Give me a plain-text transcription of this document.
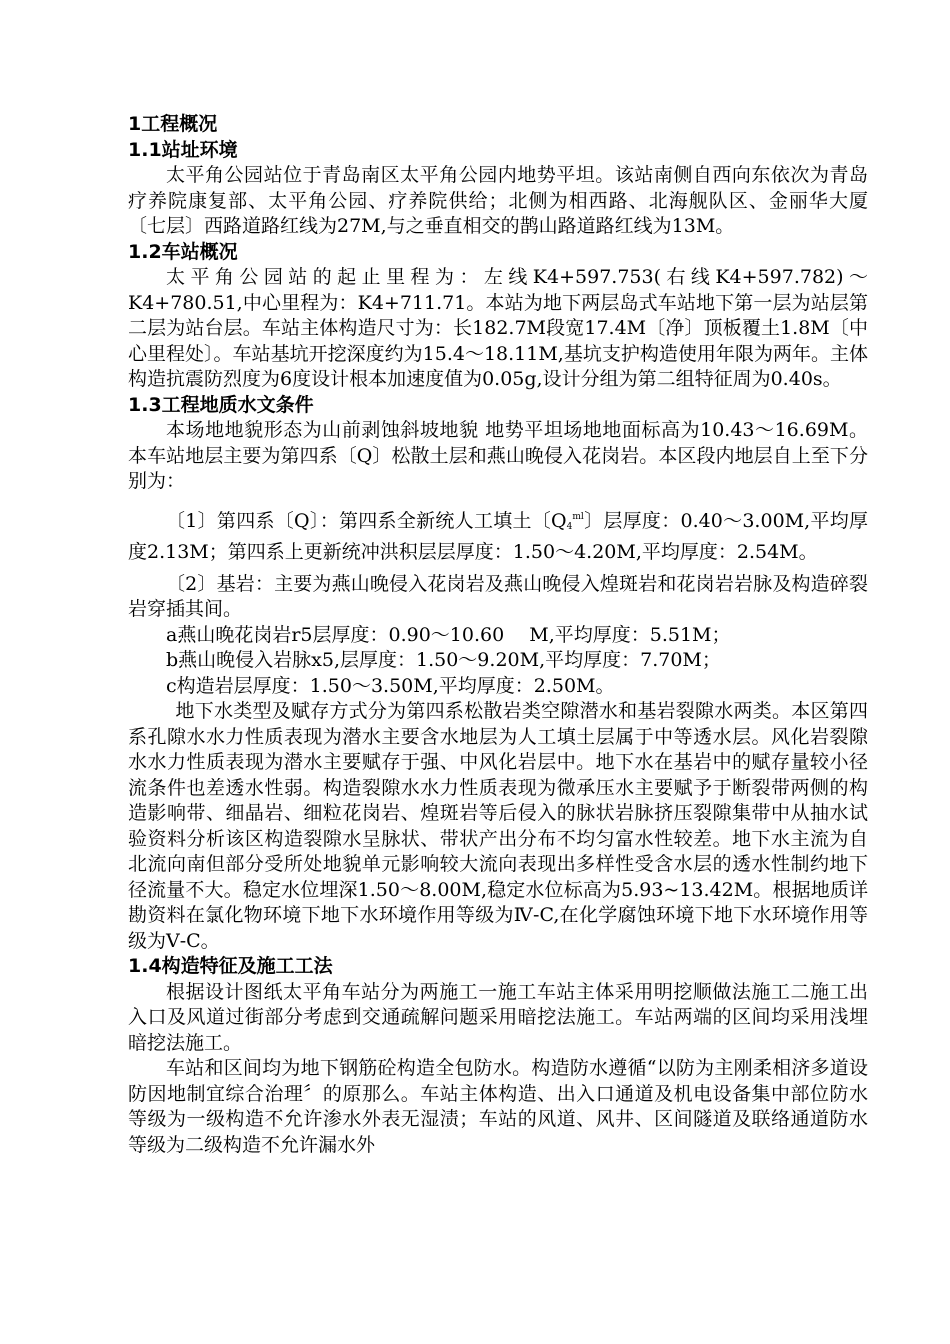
1工程概况
1.1站址环境

太平角公园站位于青岛南区太平角公园内地势平坦。该站南侧自西向东依次为青岛疗养院康复部、太平角公园、疗养院供给；北侧为相西路、北海舰队区、金丽华大厦〔七层〕西路道路红线为27M,与之垂直相交的鹊山路道路红线为13M。

1.2车站概况

太平角公园站的起止里程为：左线K4+597.753(右线K4+597.782)～K4+780.51,中心里程为：K4+711.71。本站为地下两层岛式车站地下第一层为站层第二层为站台层。车站主体构造尺寸为：长182.7M段宽17.4M〔净〕顶板覆土1.8M〔中心里程处〕。车站基坑开挖深度约为15.4～18.11M,基坑支护构造使用年限为两年。主体构造抗震防烈度为6度设计根本加速度值为0.05g,设计分组为第二组特征周为0.40s。

1.3工程地质水文条件

本场地地貌形态为山前剥蚀斜坡地貌 地势平坦场地地面标高为10.43～16.69M。本车站地层主要为第四系〔Q〕松散土层和燕山晚侵入花岗岩。本区段内地层自上至下分别为：

〔1〕第四系〔Q〕：第四系全新统人工填土〔$Q4^{ml}$〕层厚度：0.40～3.00M,平均厚度2.13M；第四系上更新统冲洪积层层厚度：1.50～4.20M,平均厚度：2.54M。

〔2〕基岩：主要为燕山晚侵入花岗岩及燕山晚侵入煌斑岩和花岗岩岩脉及构造碎裂岩穿插其间。

a燕山晚花岗岩r5层厚度：0.90～10.60　 M,平均厚度：5.51M；

b燕山晚侵入岩脉x5,层厚度：1.50～9.20M,平均厚度：7.70M；

c构造岩层厚度：1.50～3.50M,平均厚度：2.50M。

地下水类型及赋存方式分为第四系松散岩类空隙潜水和基岩裂隙水两类。本区第四系孔隙水水力性质表现为潜水主要含水地层为人工填土层属于中等透水层。风化岩裂隙水水力性质表现为潜水主要赋存于强、中风化岩层中。地下水在基岩中的赋存量较小径流条件也差透水性弱。构造裂隙水水力性质表现为微承压水主要赋予于断裂带两侧的构造影响带、细晶岩、细粒花岗岩、煌斑岩等后侵入的脉状岩脉挤压裂隙集带中从抽水试验资料分析该区构造裂隙水呈脉状、带状产出分布不均匀富水性较差。地下水主流为自北流向南但部分受所处地貌单元影响较大流向表现出多样性受含水层的透水性制约地下径流量不大。稳定水位埋深1.50～8.00M,稳定水位标高为5.93~13.42M。根据地质详勘资料在氯化物环境下地下水环境作用等级为Ⅳ-C,在化学腐蚀环境下地下水环境作用等级为Ⅴ-C。

1.4构造特征及施工工法

根据设计图纸太平角车站分为两施工一施工车站主体采用明挖顺做法施工二施工出入口及风道过街部分考虑到交通疏解问题采用暗挖法施工。车站两端的区间均采用浅埋暗挖法施工。

车站和区间均为地下钢筋砼构造全包防水。构造防水遵循“以防为主刚柔相济多道设防因地制宜综合治理〞的原那么。车站主体构造、出入口通道及机电设备集中部位防水等级为一级构造不允许渗水外表无湿渍；车站的风道、风井、区间隧道及联络通道防水等级为二级构造不允许漏水外
